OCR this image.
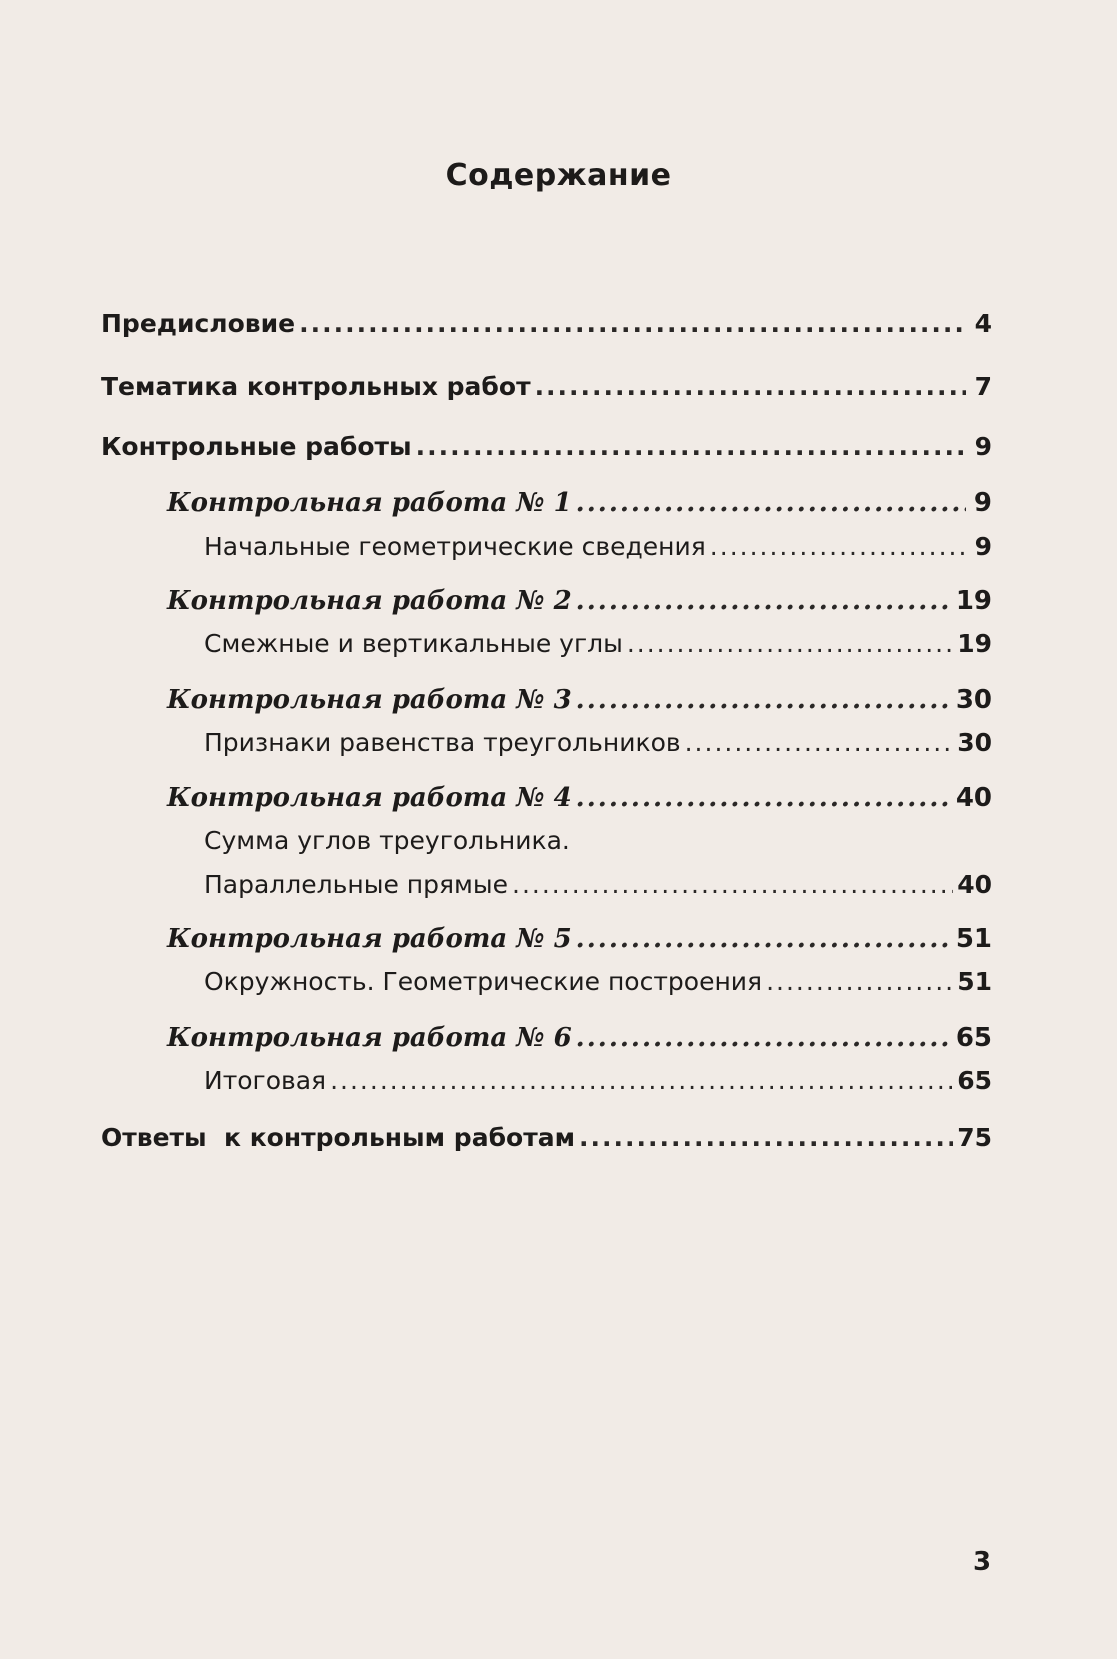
Содержание
Предисловие .....	4
Тематика контрольных работ .....	7
Контрольные работы .....	9
Контрольная работа № 1 .....	9
Начальные геометрические сведения .....	9
Контрольная работа № 2 .....	19
Смежные и вертикальные углы .....	19
Контрольная работа № 3 .....	30
Признаки равенства треугольников .....	30
Контрольная работа № 4 .....	40
Сумма углов треугольника.
Параллельные прямые .....	40
Контрольная работа № 5 .....	51
Окружность. Геометрические построения .....	51
Контрольная работа № 6 .....	65
Итоговая .....	65
Ответы  к контрольным работам .....	75
3
